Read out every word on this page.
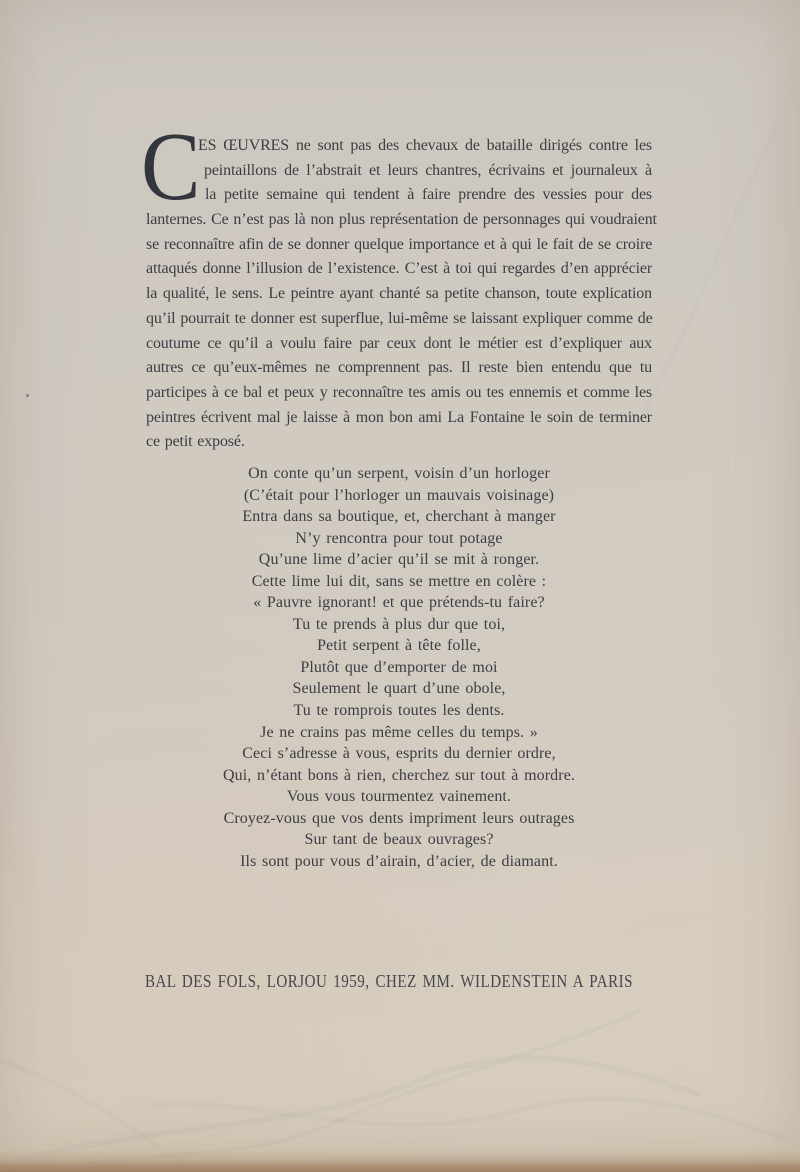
C
ES ŒUVRES ne sont pas des chevaux de bataille dirigés contre les
peintaillons de l’abstrait et leurs chantres, écrivains et journaleux à
la petite semaine qui tendent à faire prendre des vessies pour des
lanternes. Ce n’est pas là non plus représentation de personnages qui voudraient
se reconnaître afin de se donner quelque importance et à qui le fait de se croire
attaqués donne l’illusion de l’existence. C’est à toi qui regardes d’en apprécier
la qualité, le sens. Le peintre ayant chanté sa petite chanson, toute explication
qu’il pourrait te donner est superflue, lui-même se laissant expliquer comme de
coutume ce qu’il a voulu faire par ceux dont le métier est d’expliquer aux
autres ce qu’eux-mêmes ne comprennent pas. Il reste bien entendu que tu
participes à ce bal et peux y reconnaître tes amis ou tes ennemis et comme les
peintres écrivent mal je laisse à mon bon ami La Fontaine le soin de terminer
ce petit exposé.
On conte qu’un serpent, voisin d’un horloger
(C’était pour l’horloger un mauvais voisinage)
Entra dans sa boutique, et, cherchant à manger
N’y rencontra pour tout potage
Qu’une lime d’acier qu’il se mit à ronger.
Cette lime lui dit, sans se mettre en colère :
« Pauvre ignorant! et que prétends-tu faire?
Tu te prends à plus dur que toi,
Petit serpent à tête folle,
Plutôt que d’emporter de moi
Seulement le quart d’une obole,
Tu te romprois toutes les dents.
Je ne crains pas même celles du temps. »
Ceci s’adresse à vous, esprits du dernier ordre,
Qui, n’étant bons à rien, cherchez sur tout à mordre.
Vous vous tourmentez vainement.
Croyez-vous que vos dents impriment leurs outrages
Sur tant de beaux ouvrages?
Ils sont pour vous d’airain, d’acier, de diamant.
BAL DES FOLS, LORJOU 1959, CHEZ MM. WILDENSTEIN A PARIS
